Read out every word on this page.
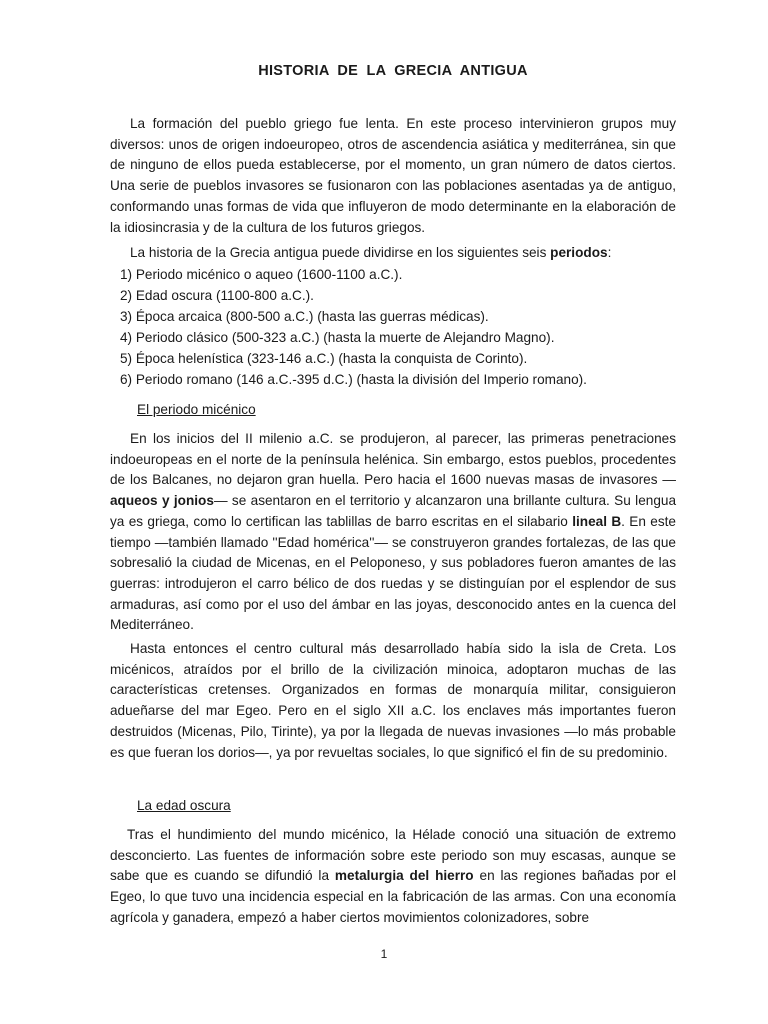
HISTORIA DE LA GRECIA ANTIGUA

La formación del pueblo griego fue lenta. En este proceso intervinieron grupos muy diversos: unos de origen indoeuropeo, otros de ascendencia asiática y mediterránea, sin que de ninguno de ellos pueda establecerse, por el momento, un gran número de datos ciertos. Una serie de pueblos invasores se fusionaron con las poblaciones asentadas ya de antiguo, conformando unas formas de vida que influyeron de modo determinante en la elaboración de la idiosincrasia y de la cultura de los futuros griegos.

La historia de la Grecia antigua puede dividirse en los siguientes seis periodos:

1) Periodo micénico o aqueo (1600-1100 a.C.).
2) Edad oscura (1100-800 a.C.).
3) Época arcaica (800-500 a.C.) (hasta las guerras médicas).
4) Periodo clásico (500-323 a.C.) (hasta la muerte de Alejandro Magno).
5) Época helenística (323-146 a.C.) (hasta la conquista de Corinto).
6) Periodo romano (146 a.C.-395 d.C.) (hasta la división del Imperio romano).
El periodo micénico

En los inicios del II milenio a.C. se produjeron, al parecer, las primeras penetraciones indoeuropeas en el norte de la península helénica. Sin embargo, estos pueblos, procedentes de los Balcanes, no dejaron gran huella. Pero hacia el 1600 nuevas masas de invasores —aqueos y jonios— se asentaron en el territorio y alcanzaron una brillante cultura. Su lengua ya es griega, como lo certifican las tablillas de barro escritas en el silabario lineal B. En este tiempo —también llamado ''Edad homérica''— se construyeron grandes fortalezas, de las que sobresalió la ciudad de Micenas, en el Peloponeso, y sus pobladores fueron amantes de las guerras: introdujeron el carro bélico de dos ruedas y se distinguían por el esplendor de sus armaduras, así como por el uso del ámbar en las joyas, desconocido antes en la cuenca del Mediterráneo.

Hasta entonces el centro cultural más desarrollado había sido la isla de Creta. Los micénicos, atraídos por el brillo de la civilización minoica, adoptaron muchas de las características cretenses. Organizados en formas de monarquía militar, consiguieron adueñarse del mar Egeo. Pero en el siglo XII a.C. los enclaves más importantes fueron destruidos (Micenas, Pilo, Tirinte), ya por la llegada de nuevas invasiones —lo más probable es que fueran los dorios—, ya por revueltas sociales, lo que significó el fin de su predominio.

La edad oscura

Tras el hundimiento del mundo micénico, la Hélade conoció una situación de extremo desconcierto. Las fuentes de información sobre este periodo son muy escasas, aunque se sabe que es cuando se difundió la metalurgia del hierro en las regiones bañadas por el Egeo, lo que tuvo una incidencia especial en la fabricación de las armas. Con una economía agrícola y ganadera, empezó a haber ciertos movimientos colonizadores, sobre

1
